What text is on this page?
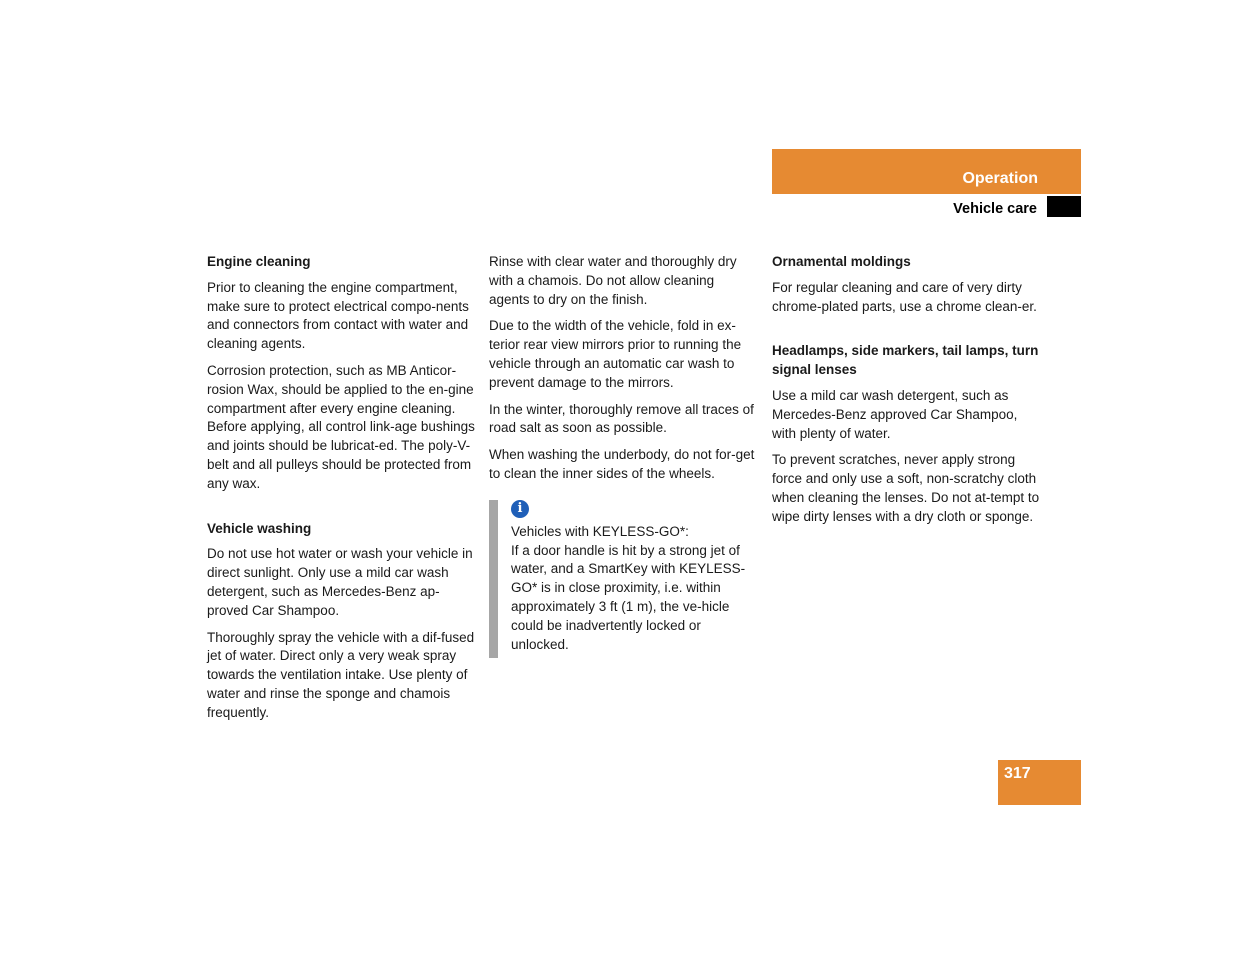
Operation
Vehicle care
Engine cleaning

Prior to cleaning the engine compartment, make sure to protect electrical compo-nents and connectors from contact with water and cleaning agents.

Corrosion protection, such as MB Anticor-rosion Wax, should be applied to the en-gine compartment after every engine cleaning. Before applying, all control link-age bushings and joints should be lubricat-ed. The poly-V-belt and all pulleys should be protected from any wax.

Vehicle washing

Do not use hot water or wash your vehicle in direct sunlight. Only use a mild car wash detergent, such as Mercedes-Benz ap-proved Car Shampoo.

Thoroughly spray the vehicle with a dif-fused jet of water. Direct only a very weak spray towards the ventilation intake. Use plenty of water and rinse the sponge and chamois frequently.

Rinse with clear water and thoroughly dry with a chamois. Do not allow cleaning agents to dry on the finish.

Due to the width of the vehicle, fold in ex-terior rear view mirrors prior to running the vehicle through an automatic car wash to prevent damage to the mirrors.

In the winter, thoroughly remove all traces of road salt as soon as possible.

When washing the underbody, do not for-get to clean the inner sides of the wheels.

i

Vehicles with KEYLESS-GO*:

If a door handle is hit by a strong jet of water, and a SmartKey with KEYLESS-GO* is in close proximity, i.e. within approximately 3 ft (1 m), the ve-hicle could be inadvertently locked or unlocked.

Ornamental moldings

For regular cleaning and care of very dirty chrome-plated parts, use a chrome clean-er.

Headlamps, side markers, tail lamps, turn signal lenses

Use a mild car wash detergent, such as Mercedes-Benz approved Car Shampoo, with plenty of water.

To prevent scratches, never apply strong force and only use a soft, non-scratchy cloth when cleaning the lenses. Do not at-tempt to wipe dirty lenses with a dry cloth or sponge.

317
